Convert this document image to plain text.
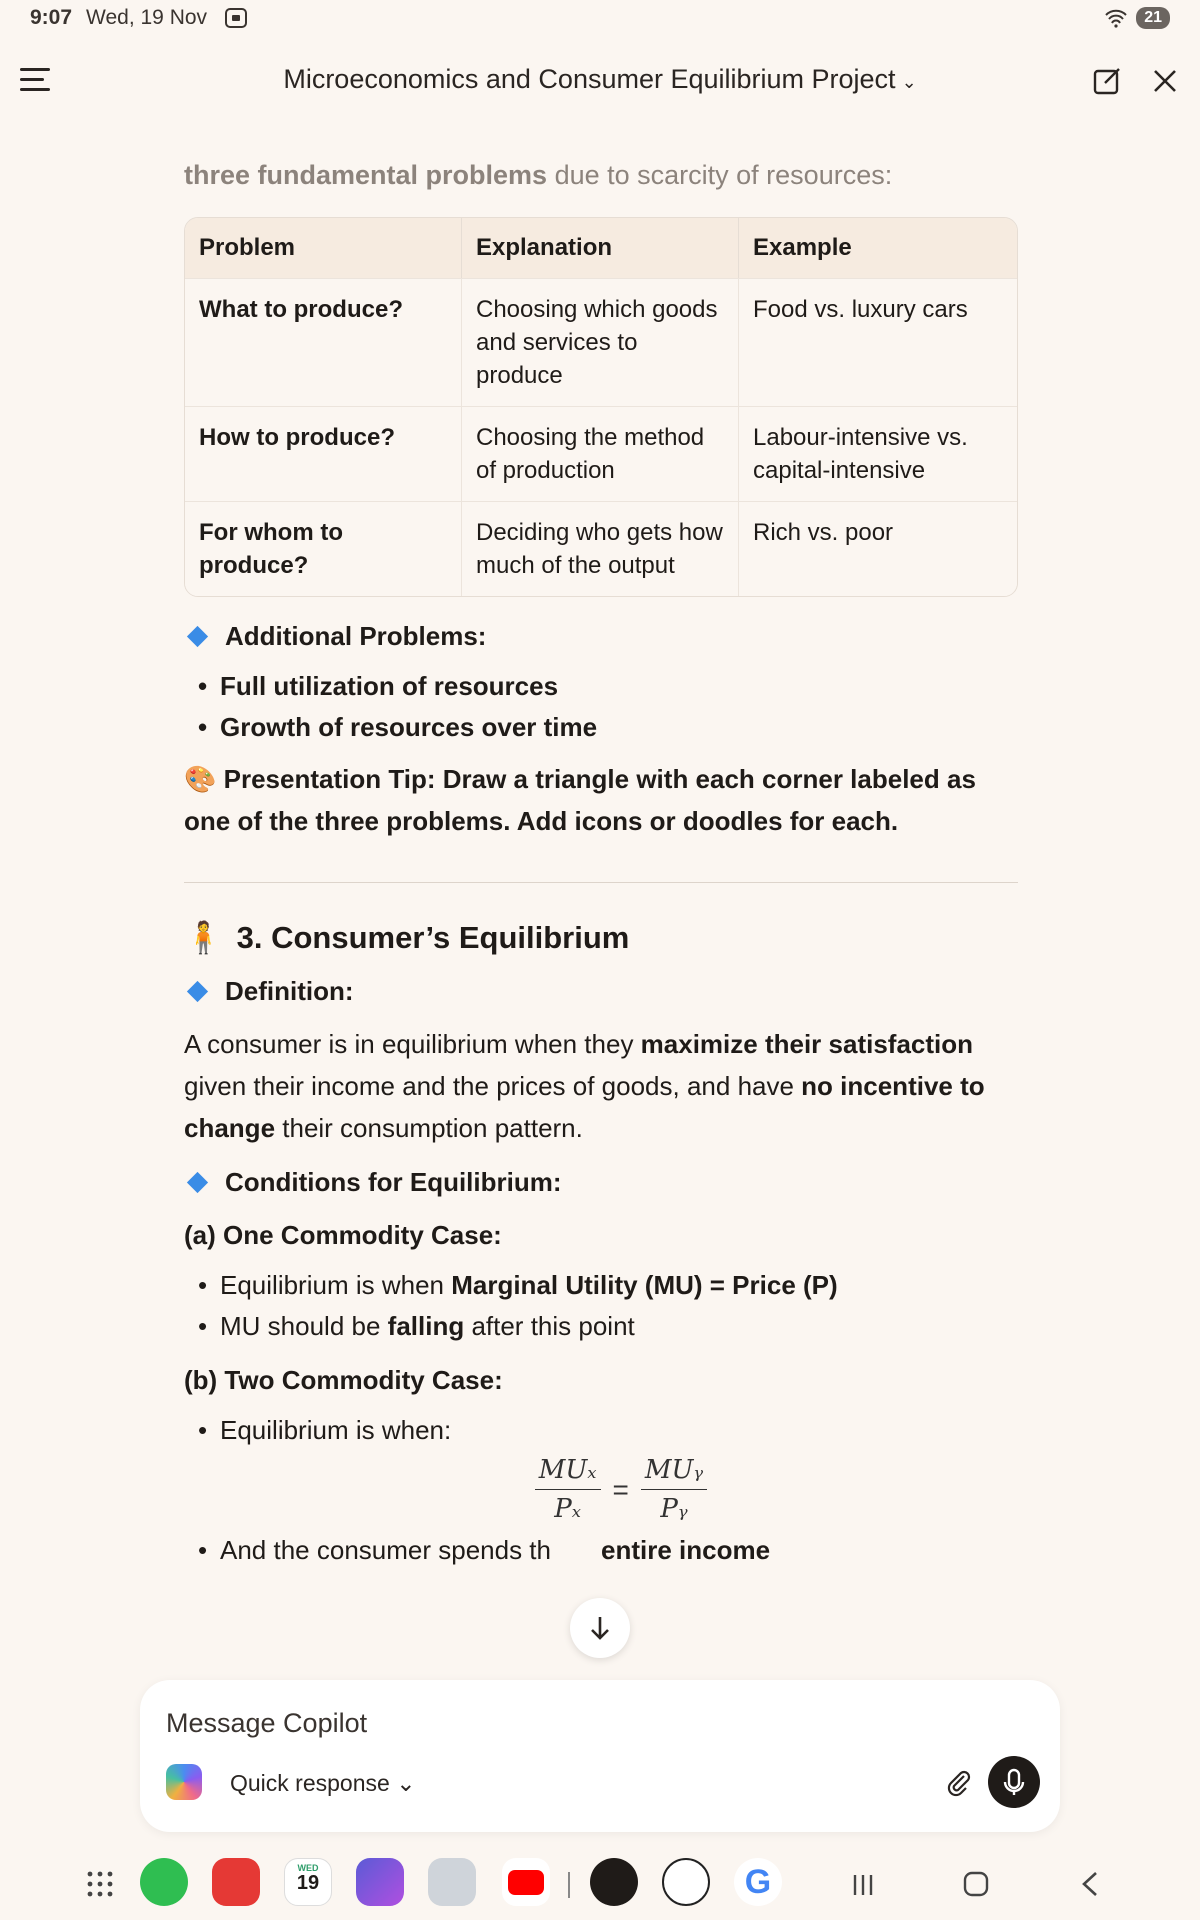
9:07 Wed, 19 Nov	21
Microeconomics and Consumer Equilibrium Project ⌄
three fundamental problems due to scarcity of resources:
Problem	Explanation	Example
What to produce?	Choosing which goods and services to produce	Food vs. luxury cars
How to produce?	Choosing the method of production	Labour-intensive vs. capital-intensive
For whom to produce?	Deciding who gets how much of the output	Rich vs. poor
Additional Problems:
• Full utilization of resources
• Growth of resources over time

🎨 Presentation Tip: Draw a triangle with each corner labeled as one of the three problems. Add icons or doodles for each.

🧍 3. Consumer’s Equilibrium
Definition:

A consumer is in equilibrium when they maximize their satisfaction given their income and the prices of goods, and have no incentive to change their consumption pattern.

Conditions for Equilibrium:
(a) One Commodity Case:
• Equilibrium is when Marginal Utility (MU) = Price (P)
• MU should be falling after this point
(b) Two Commodity Case:
• Equilibrium is when:
$\frac{\text{MUₓ}}{\text{Pₓ}} = \frac{\text{MUᵧ}}{\text{Pᵧ}}$
• And the consumer spends th entire income
Message Copilot
Quick response ⌄
WED
19	G
